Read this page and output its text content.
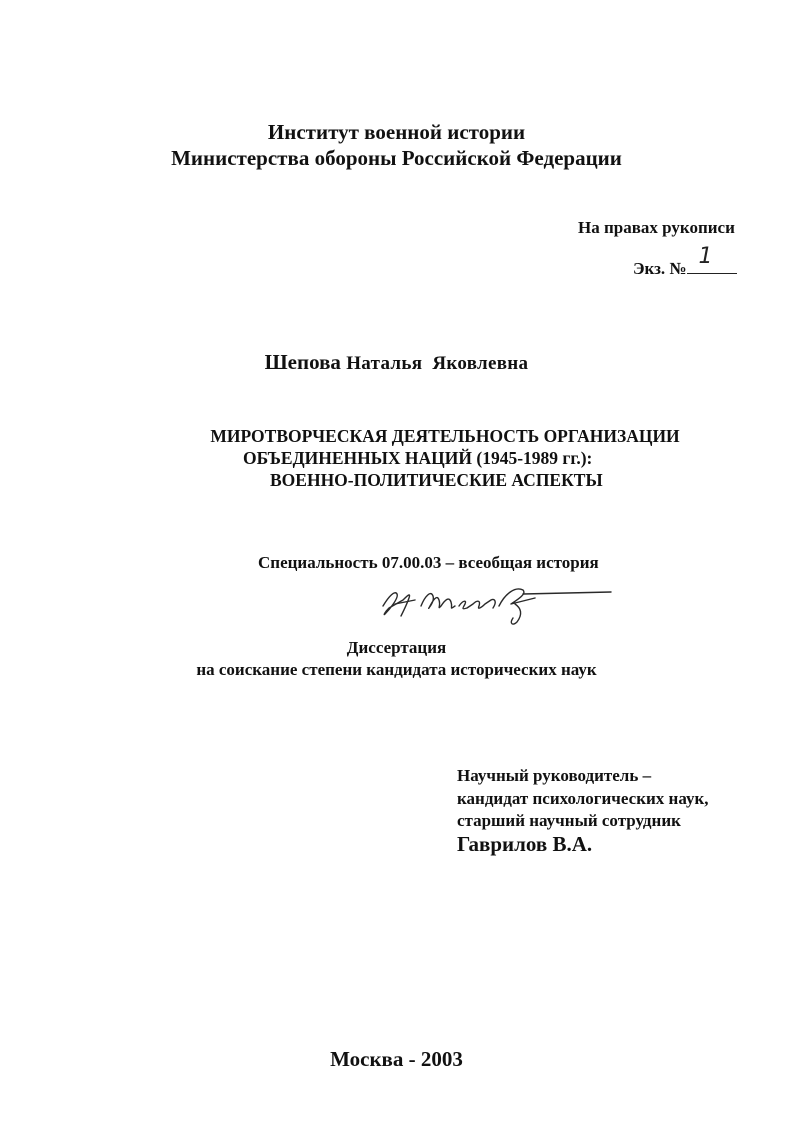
Институт военной истории
Министерства обороны Российской Федерации
На правах рукописи
Экз. № 1
Шепова Наталья  Яковлевна
МИРОТВОРЧЕСКАЯ ДЕЯТЕЛЬНОСТЬ ОРГАНИЗАЦИИ
ОБЪЕДИНЕННЫХ НАЦИЙ (1945-1989 гг.):
ВОЕННО-ПОЛИТИЧЕСКИЕ АСПЕКТЫ
Специальность 07.00.03 – всеобщая история
Диссертация
на соискание степени кандидата исторических наук
Научный руководитель –
кандидат психологических наук,
старший научный сотрудник
Гаврилов В.А.
Москва - 2003
